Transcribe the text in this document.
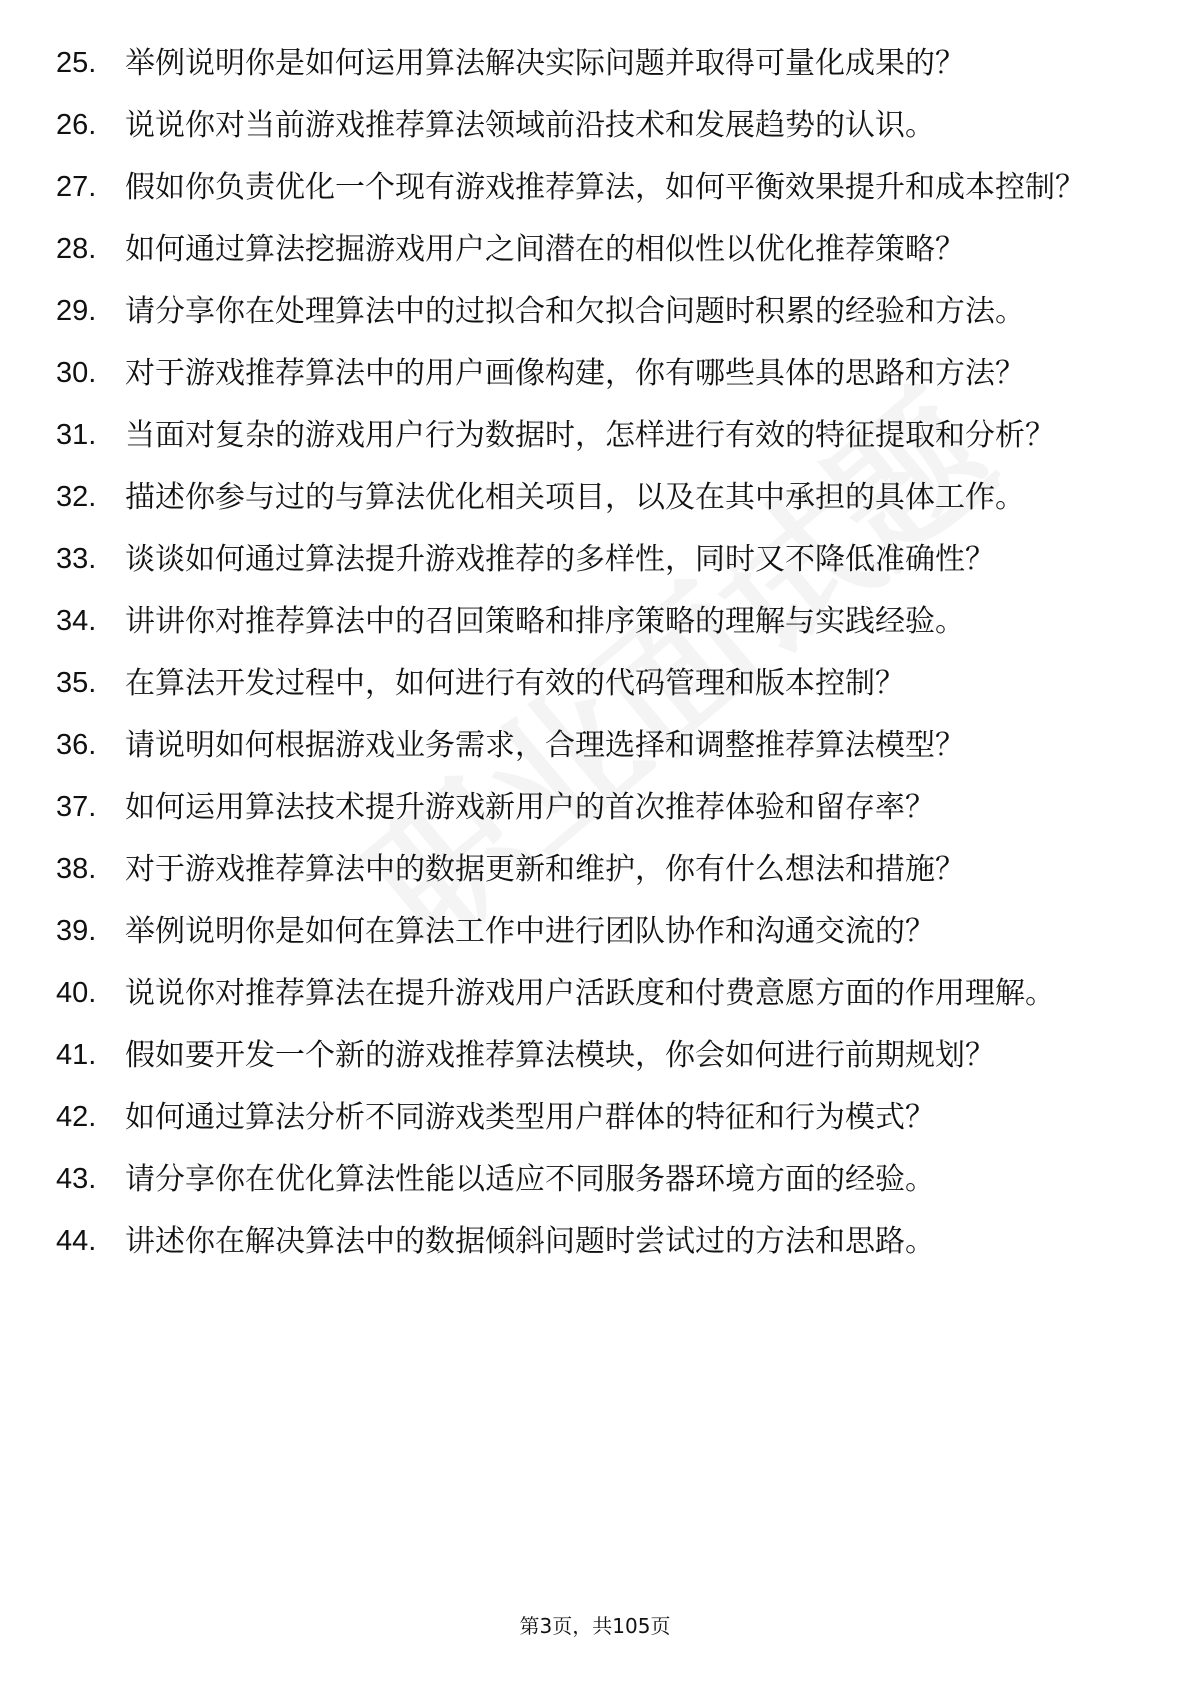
25. 举例说明你是如何运用算法解决实际问题并取得可量化成果的？
26. 说说你对当前游戏推荐算法领域前沿技术和发展趋势的认识。
27. 假如你负责优化一个现有游戏推荐算法，如何平衡效果提升和成本控制？
28. 如何通过算法挖掘游戏用户之间潜在的相似性以优化推荐策略？
29. 请分享你在处理算法中的过拟合和欠拟合问题时积累的经验和方法。
30. 对于游戏推荐算法中的用户画像构建，你有哪些具体的思路和方法？
31. 当面对复杂的游戏用户行为数据时，怎样进行有效的特征提取和分析？
32. 描述你参与过的与算法优化相关项目，以及在其中承担的具体工作。
33. 谈谈如何通过算法提升游戏推荐的多样性，同时又不降低准确性？
34. 讲讲你对推荐算法中的召回策略和排序策略的理解与实践经验。
35. 在算法开发过程中，如何进行有效的代码管理和版本控制？
36. 请说明如何根据游戏业务需求，合理选择和调整推荐算法模型？
37. 如何运用算法技术提升游戏新用户的首次推荐体验和留存率？
38. 对于游戏推荐算法中的数据更新和维护，你有什么想法和措施？
39. 举例说明你是如何在算法工作中进行团队协作和沟通交流的？
40. 说说你对推荐算法在提升游戏用户活跃度和付费意愿方面的作用理解。
41. 假如要开发一个新的游戏推荐算法模块，你会如何进行前期规划？
42. 如何通过算法分析不同游戏类型用户群体的特征和行为模式？
43. 请分享你在优化算法性能以适应不同服务器环境方面的经验。
44. 讲述你在解决算法中的数据倾斜问题时尝试过的方法和思路。
第3页，共105页
